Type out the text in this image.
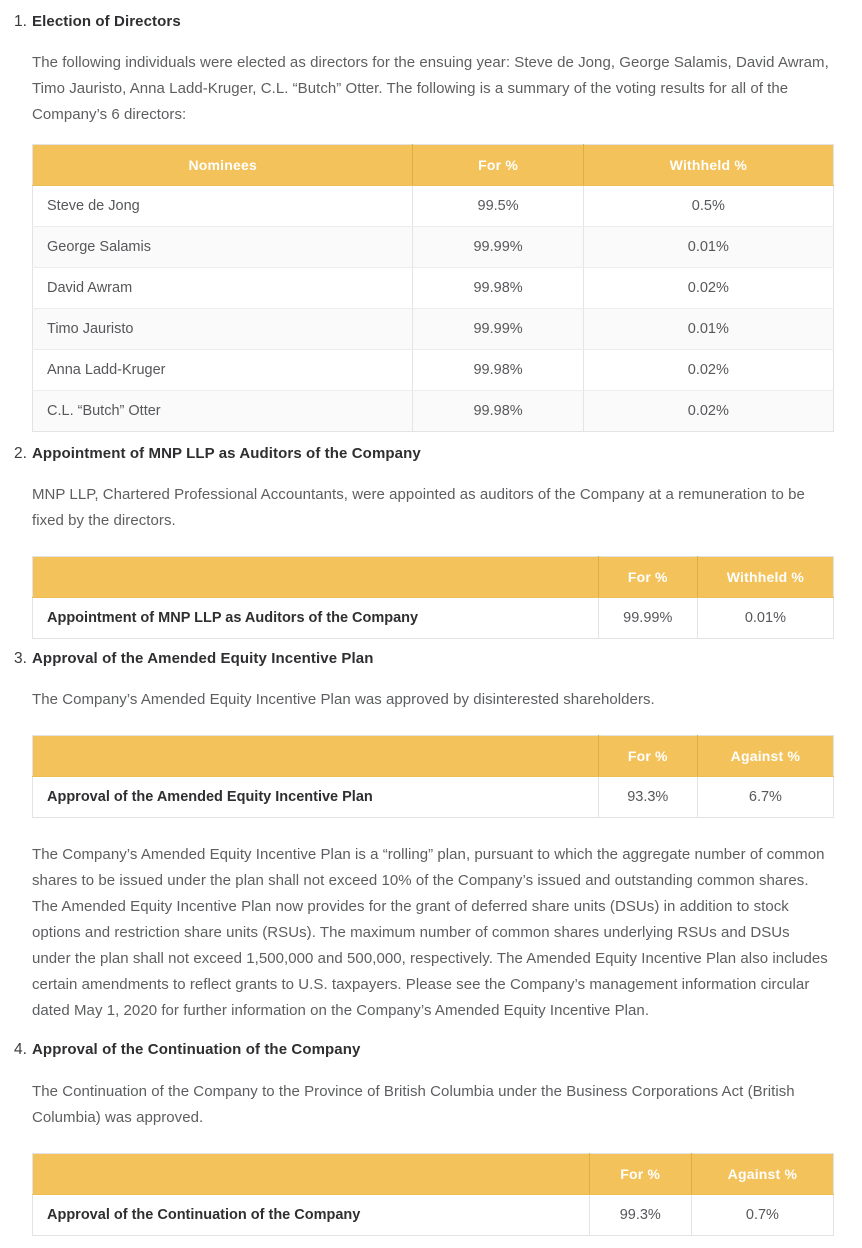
1. Election of Directors

The following individuals were elected as directors for the ensuing year: Steve de Jong, George Salamis, David Awram, Timo Jauristo, Anna Ladd-Kruger, C.L. “Butch” Otter. The following is a summary of the voting results for all of the Company’s 6 directors:

Nominees	For %	Withheld %
Steve de Jong	99.5%	0.5%
George Salamis	99.99%	0.01%
David Awram	99.98%	0.02%
Timo Jauristo	99.99%	0.01%
Anna Ladd-Kruger	99.98%	0.02%
C.L. “Butch” Otter	99.98%	0.02%
2. Appointment of MNP LLP as Auditors of the Company

MNP LLP, Chartered Professional Accountants, were appointed as auditors of the Company at a remuneration to be fixed by the directors.

	For %	Withheld %
Appointment of MNP LLP as Auditors of the Company	99.99%	0.01%
3. Approval of the Amended Equity Incentive Plan

The Company’s Amended Equity Incentive Plan was approved by disinterested shareholders.

	For %	Against %
Approval of the Amended Equity Incentive Plan	93.3%	6.7%

The Company’s Amended Equity Incentive Plan is a “rolling” plan, pursuant to which the aggregate number of common shares to be issued under the plan shall not exceed 10% of the Company’s issued and outstanding common shares. The Amended Equity Incentive Plan now provides for the grant of deferred share units (DSUs) in addition to stock options and restriction share units (RSUs). The maximum number of common shares underlying RSUs and DSUs under the plan shall not exceed 1,500,000 and 500,000, respectively. The Amended Equity Incentive Plan also includes certain amendments to reflect grants to U.S. taxpayers. Please see the Company’s management information circular dated May 1, 2020 for further information on the Company’s Amended Equity Incentive Plan.

4. Approval of the Continuation of the Company

The Continuation of the Company to the Province of British Columbia under the Business Corporations Act (British Columbia) was approved.

	For %	Against %
Approval of the Continuation of the Company	99.3%	0.7%
